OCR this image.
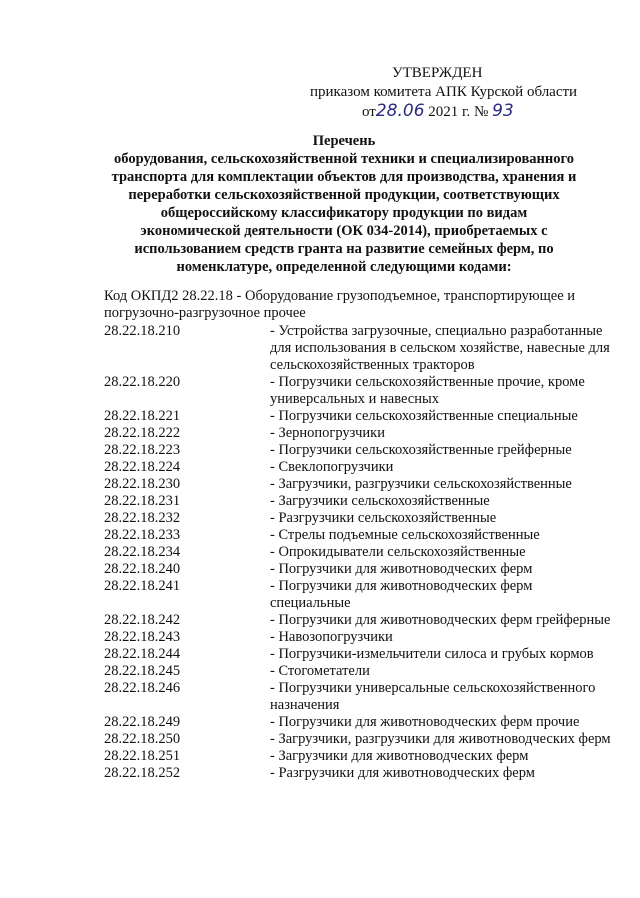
УТВЕРЖДЕН
приказом комитета АПК Курской области
от28.06 2021 г. № 93
Перечень
оборудования, сельскохозяйственной техники и специализированного
транспорта для комплектации объектов для производства, хранения и
переработки сельскохозяйственной продукции, соответствующих
общероссийскому классификатору продукции по видам
экономической деятельности (ОК 034-2014), приобретаемых с
использованием средств гранта на развитие семейных ферм, по
номенклатуре, определенной следующими кодами:
Код ОКПД2 28.22.18 - Оборудование грузоподъемное, транспортирующее и погрузочно-разгрузочное прочее
28.22.18.210	- Устройства загрузочные, специально разработанные для использования в сельском хозяйстве, навесные для сельскохозяйственных тракторов
28.22.18.220	- Погрузчики сельскохозяйственные прочие, кроме универсальных и навесных
28.22.18.221	- Погрузчики сельскохозяйственные специальные
28.22.18.222	- Зернопогрузчики
28.22.18.223	- Погрузчики сельскохозяйственные грейферные
28.22.18.224	- Свеклопогрузчики
28.22.18.230	- Загрузчики, разгрузчики сельскохозяйственные
28.22.18.231	- Загрузчики сельскохозяйственные
28.22.18.232	- Разгрузчики сельскохозяйственные
28.22.18.233	- Стрелы подъемные сельскохозяйственные
28.22.18.234	- Опрокидыватели сельскохозяйственные
28.22.18.240	- Погрузчики для животноводческих ферм
28.22.18.241	- Погрузчики для животноводческих ферм специальные
28.22.18.242	- Погрузчики для животноводческих ферм грейферные
28.22.18.243	- Навозопогрузчики
28.22.18.244	- Погрузчики-измельчители силоса и грубых кормов
28.22.18.245	- Стогометатели
28.22.18.246	- Погрузчики универсальные сельскохозяйственного назначения
28.22.18.249	- Погрузчики для животноводческих ферм прочие
28.22.18.250	- Загрузчики, разгрузчики для животноводческих ферм
28.22.18.251	- Загрузчики для животноводческих ферм
28.22.18.252	- Разгрузчики для животноводческих ферм
